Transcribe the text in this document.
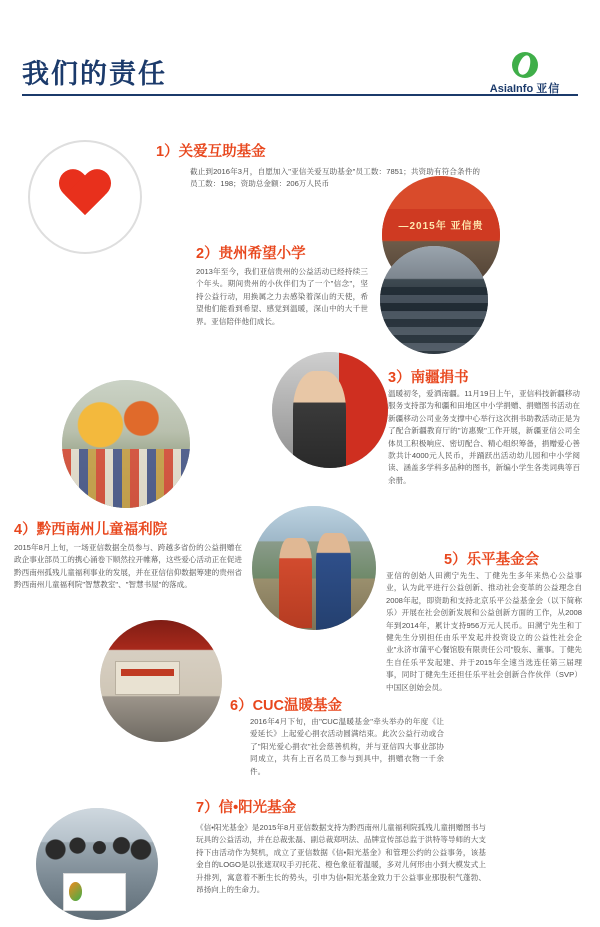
我们的责任	AsiaInfo 亚信
1）关爱互助基金
截止到2016年3月，自愿加入"亚信关爱互助基金"员工数：7851；共资助有符合条件的员工数：198；资助总金额：206万人民币
—2015年 亚信贵
2）贵州希望小学
2013年至今，我们亚信贵州的公益活动已经持续三个年头。期间贵州的小伙伴们为了一个"信念"，坚持公益行动，用换属之力去感染着深山的天使，希望他们能看到希望、感觉到温暖，深山中的大千世界。亚信陪伴他们成长。
3）南疆捐书
温暖初冬，爱洒南疆。11月19日上午，亚信科技新疆移动服务支持部为和疆和田地区中小学捐赠、捐赠图书活动在新疆移动公司业务支撑中心举行这次捐书助教活动正是为了配合新疆教育厅的"访惠聚"工作开展，新疆亚信公司全体员工积极响应、密切配合、精心组织筹备，捐赠爱心善款共计4000元人民币，并踊跃出活动幼儿园和中小学阅读、涵盖多学科多品种的图书，新编小学生各类词典等百余册。
4）黔西南州儿童福利院
2015年8月上旬，一场亚信数据全员参与、跨越多省份的公益捐赠在政企事业部员工的携心涌卷下顺然拉开帷幕，这些爱心活动正在促进黔西南州孤残儿童福利事业的发展，并在亚信信仰数据筹建的贵州省黔西南州儿童福利院"智慧教室"、"智慧书屋"的落成。
5）乐平基金会
亚信的创始人田溯宁先生、丁健先生多年来热心公益事业，认为此平进行公益创新、推动社会变革的公益理念自2008年起，即资助和支持北京乐平公益基金会（以下简称乐）开展在社会创新发展和公益创新方面的工作，从2008年到2014年，累计支持956万元人民币。田溯宁先生和丁健先生分别担任由乐平发起并投资设立的公益性社会企业"永济市蒲平心餐馆股有限责任公司"股东、董事。丁健先生自任乐平发起建、并于2015年全速当选连任第三届理事，同时丁健先生还担任乐平社会创新合作伙伴（SVP）中国区创始会员。
6）CUC温暖基金
2016年4月下旬，由"CUC温暖基金"牵头举办的年度《让爱延长》上起爱心捐衣活动圆满结束。此次公益行动或合了"阳光爱心捐衣"社会慈善机构，并与亚信四大事业部协同成立，共有上百名员工参与到具中，捐赠衣物一千余件。
7）信•阳光基金
《信•阳光基金》是2015年8月亚信数据支持为黔西南州儿童福利院孤残儿童捐赠图书与玩具的公益活动，并在总裁张磊、副总裁郑明法、品牌宣传部总监于洪特等导师的大支持下由活动作为契机，成立了亚信数据《信•阳光基金》和管理公约的公益事务，该基金自的LOGO是以张遮双叹手刃托花、橙色象征着温暖，多对儿何形由小到大模发式上升排列，寓意着不断生长的势头，引申为信•阳光基金致力于公益事业那股积气蓬勃、昂扬向上的生命力。
